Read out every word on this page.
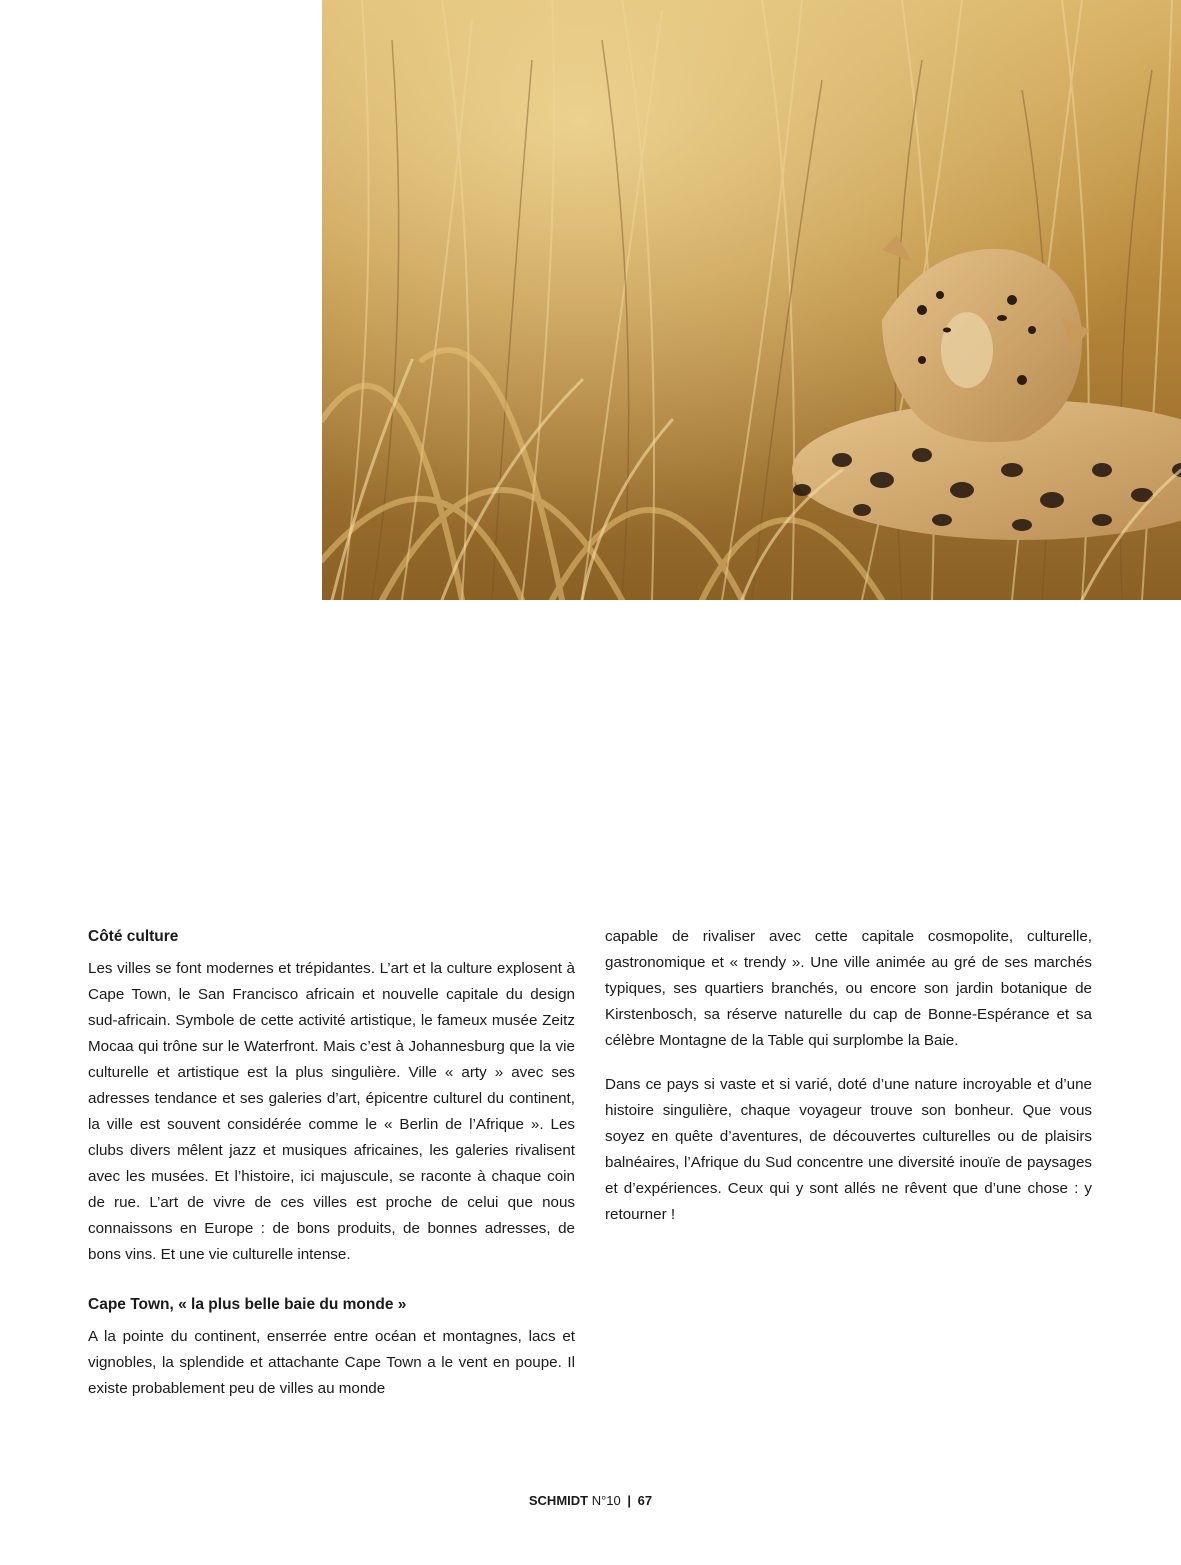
Côté culture

Les villes se font modernes et trépidantes. L’art et la culture explosent à Cape Town, le San Francisco africain et nouvelle capitale du design sud-africain. Symbole de cette activité artistique, le fameux musée Zeitz Mocaa qui trône sur le Waterfront. Mais c’est à Johannesburg que la vie culturelle et artistique est la plus singulière. Ville « arty » avec ses adresses tendance et ses galeries d’art, épicentre culturel du continent, la ville est souvent considérée comme le « Berlin de l’Afrique ». Les clubs divers mêlent jazz et musiques africaines, les galeries rivalisent avec les musées. Et l’histoire, ici majuscule, se raconte à chaque coin de rue. L’art de vivre de ces villes est proche de celui que nous connaissons en Europe : de bons produits, de bonnes adresses, de bons vins. Et une vie culturelle intense.

Cape Town, « la plus belle baie du monde »

A la pointe du continent, enserrée entre océan et montagnes, lacs et vignobles, la splendide et attachante Cape Town a le vent en poupe. Il existe probablement peu de villes au monde

capable de rivaliser avec cette capitale cosmopolite, culturelle, gastronomique et « trendy ». Une ville animée au gré de ses marchés typiques, ses quartiers branchés, ou encore son jardin botanique de Kirstenbosch, sa réserve naturelle du cap de Bonne-Espérance et sa célèbre Montagne de la Table qui surplombe la Baie.

Dans ce pays si vaste et si varié, doté d’une nature incroyable et d’une histoire singulière, chaque voyageur trouve son bonheur. Que vous soyez en quête d’aventures, de découvertes culturelles ou de plaisirs balnéaires, l’Afrique du Sud concentre une diversité inouïe de paysages et d’expériences. Ceux qui y sont allés ne rêvent que d’une chose : y retourner !

SCHMIDT N°10 | 67
